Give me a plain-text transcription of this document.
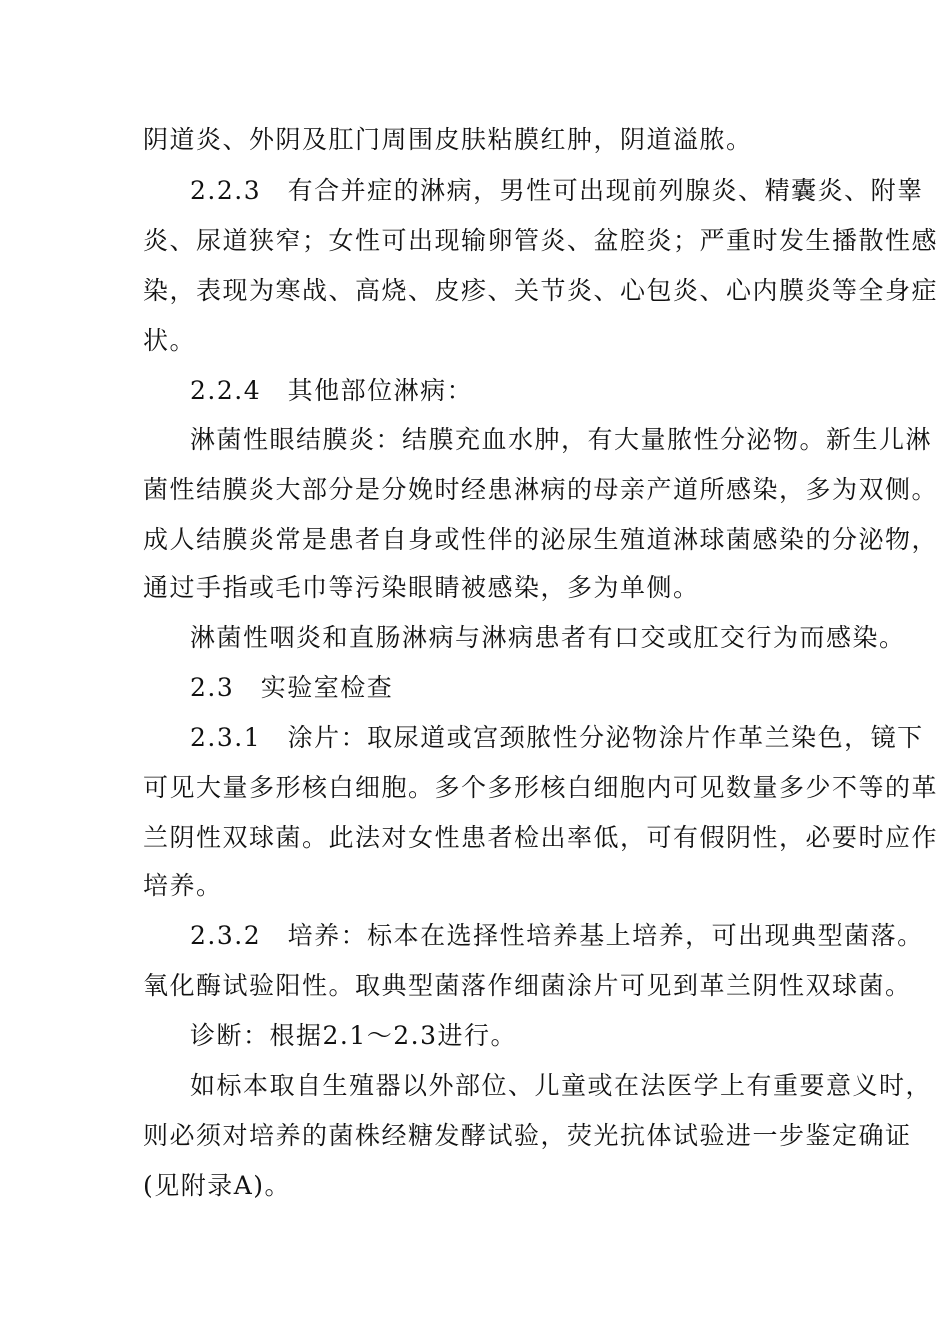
阴道炎、外阴及肛门周围皮肤粘膜红肿，阴道溢脓。
2.2.3　有合并症的淋病，男性可出现前列腺炎、精囊炎、附睾
炎、尿道狭窄；女性可出现输卵管炎、盆腔炎；严重时发生播散性感
染，表现为寒战、高烧、皮疹、关节炎、心包炎、心内膜炎等全身症
状。
2.2.4　其他部位淋病：
淋菌性眼结膜炎：结膜充血水肿，有大量脓性分泌物。新生儿淋
菌性结膜炎大部分是分娩时经患淋病的母亲产道所感染，多为双侧。
成人结膜炎常是患者自身或性伴的泌尿生殖道淋球菌感染的分泌物，
通过手指或毛巾等污染眼睛被感染，多为单侧。
淋菌性咽炎和直肠淋病与淋病患者有口交或肛交行为而感染。
2.3　实验室检查
2.3.1　涂片：取尿道或宫颈脓性分泌物涂片作革兰染色，镜下
可见大量多形核白细胞。多个多形核白细胞内可见数量多少不等的革
兰阴性双球菌。此法对女性患者检出率低，可有假阴性，必要时应作
培养。
2.3.2　培养：标本在选择性培养基上培养，可出现典型菌落。
氧化酶试验阳性。取典型菌落作细菌涂片可见到革兰阴性双球菌。
诊断：根据2.1～2.3进行。
如标本取自生殖器以外部位、儿童或在法医学上有重要意义时，
则必须对培养的菌株经糖发酵试验，荧光抗体试验进一步鉴定确证
(见附录A)。
